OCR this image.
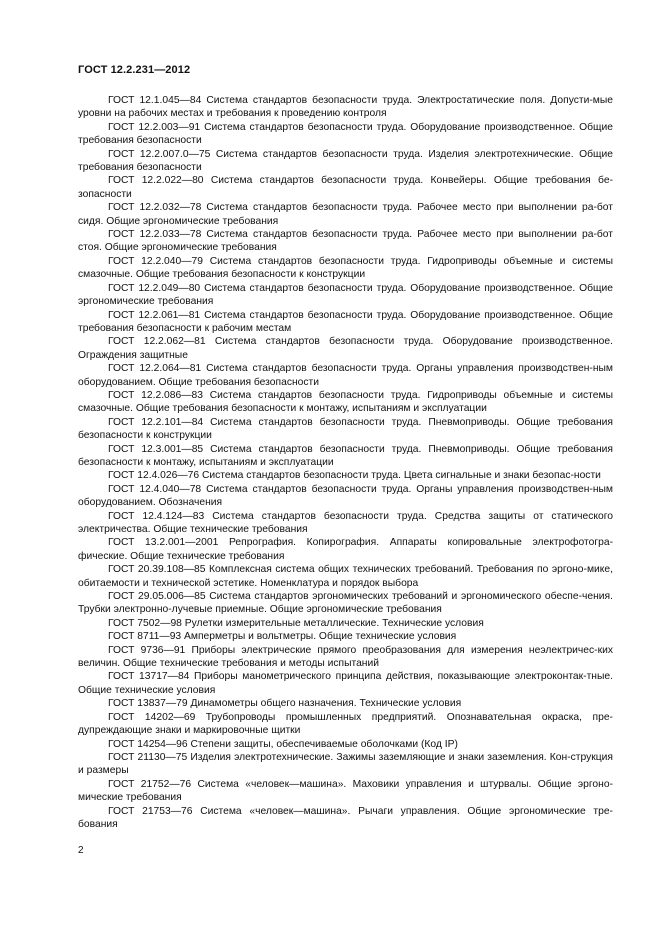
ГОСТ 12.2.231—2012

ГОСТ 12.1.045—84 Система стандартов безопасности труда. Электростатические поля. Допусти-мые уровни на рабочих местах и требования к проведению контроля

ГОСТ 12.2.003—91 Система стандартов безопасности труда. Оборудование производственное. Общие требования безопасности

ГОСТ 12.2.007.0—75 Система стандартов безопасности труда. Изделия электротехнические. Общие требования безопасности

ГОСТ 12.2.022—80 Система стандартов безопасности труда. Конвейеры. Общие требования бе-зопасности

ГОСТ 12.2.032—78 Система стандартов безопасности труда. Рабочее место при выполнении ра-бот сидя. Общие эргономические требования

ГОСТ 12.2.033—78 Система стандартов безопасности труда. Рабочее место при выполнении ра-бот стоя. Общие эргономические требования

ГОСТ 12.2.040—79 Система стандартов безопасности труда. Гидроприводы объемные и системы смазочные. Общие требования безопасности к конструкции

ГОСТ 12.2.049—80 Система стандартов безопасности труда. Оборудование производственное. Общие эргономические требования

ГОСТ 12.2.061—81 Система стандартов безопасности труда. Оборудование производственное. Общие требования безопасности к рабочим местам

ГОСТ 12.2.062—81 Система стандартов безопасности труда. Оборудование производственное. Ограждения защитные

ГОСТ 12.2.064—81 Система стандартов безопасности труда. Органы управления производствен-ным оборудованием. Общие требования безопасности

ГОСТ 12.2.086—83 Система стандартов безопасности труда. Гидроприводы объемные и системы смазочные. Общие требования безопасности к монтажу, испытаниям и эксплуатации

ГОСТ 12.2.101—84 Система стандартов безопасности труда. Пневмоприводы. Общие требования безопасности к конструкции

ГОСТ 12.3.001—85 Система стандартов безопасности труда. Пневмоприводы. Общие требования безопасности к монтажу, испытаниям и эксплуатации

ГОСТ 12.4.026—76 Система стандартов безопасности труда. Цвета сигнальные и знаки безопас-ности

ГОСТ 12.4.040—78 Система стандартов безопасности труда. Органы управления производствен-ным оборудованием. Обозначения

ГОСТ 12.4.124—83 Система стандартов безопасности труда. Средства защиты от статического электричества. Общие технические требования

ГОСТ 13.2.001—2001 Репрография. Копирография. Аппараты копировальные электрофотогра-фические. Общие технические требования

ГОСТ 20.39.108—85 Комплексная система общих технических требований. Требования по эргоно-мике, обитаемости и технической эстетике. Номенклатура и порядок выбора

ГОСТ 29.05.006—85 Система стандартов эргономических требований и эргономического обеспе-чения. Трубки электронно-лучевые приемные. Общие эргономические требования

ГОСТ 7502—98 Рулетки измерительные металлические. Технические условия

ГОСТ 8711—93 Амперметры и вольтметры. Общие технические условия

ГОСТ 9736—91 Приборы электрические прямого преобразования для измерения неэлектричес-ких величин. Общие технические требования и методы испытаний

ГОСТ 13717—84 Приборы манометрического принципа действия, показывающие электроконтак-тные. Общие технические условия

ГОСТ 13837—79 Динамометры общего назначения. Технические условия

ГОСТ 14202—69 Трубопроводы промышленных предприятий. Опознавательная окраска, пре-дупреждающие знаки и маркировочные щитки

ГОСТ 14254—96 Степени защиты, обеспечиваемые оболочками (Код IP)

ГОСТ 21130—75 Изделия электротехнические. Зажимы заземляющие и знаки заземления. Кон-струкция и размеры

ГОСТ 21752—76 Система «человек—машина». Маховики управления и штурвалы. Общие эргоно-мические требования

ГОСТ 21753—76 Система «человек—машина». Рычаги управления. Общие эргономические тре-бования

2
